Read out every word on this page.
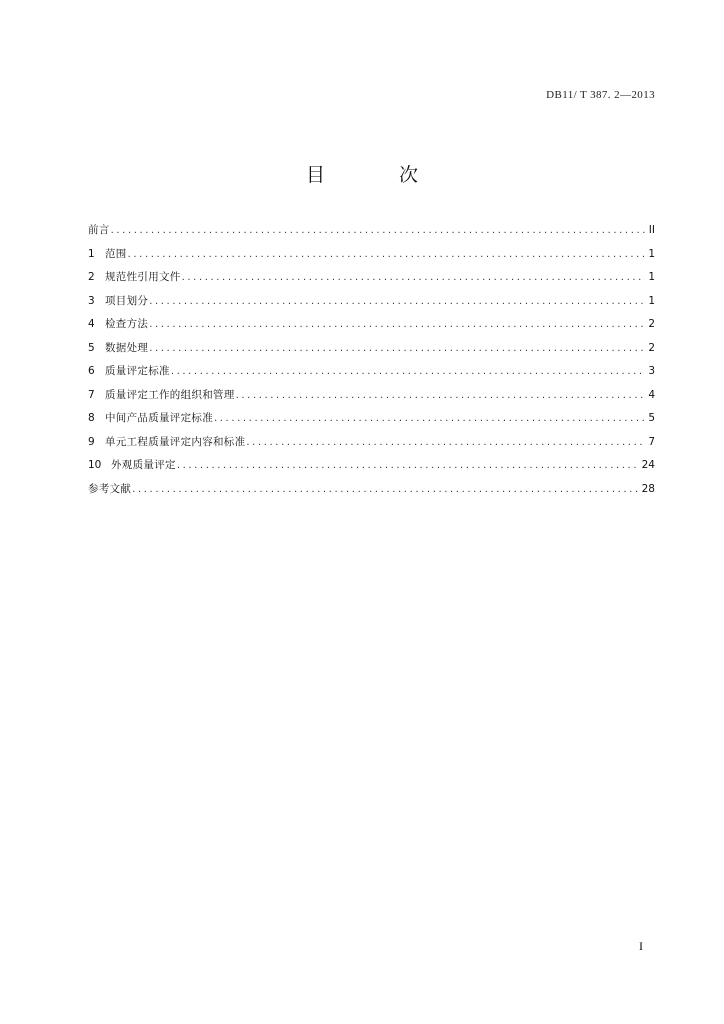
DB11/ T 387. 2—2013
目 次
前言 .....	II
1 范围 .....	1
2 规范性引用文件 .....	1
3 项目划分 .....	1
4 检查方法 .....	2
5 数据处理 .....	2
6 质量评定标准 .....	3
7 质量评定工作的组织和管理 .....	4
8 中间产品质量评定标准 .....	5
9 单元工程质量评定内容和标准 .....	7
10 外观质量评定 .....	24
参考文献 .....	28
I
